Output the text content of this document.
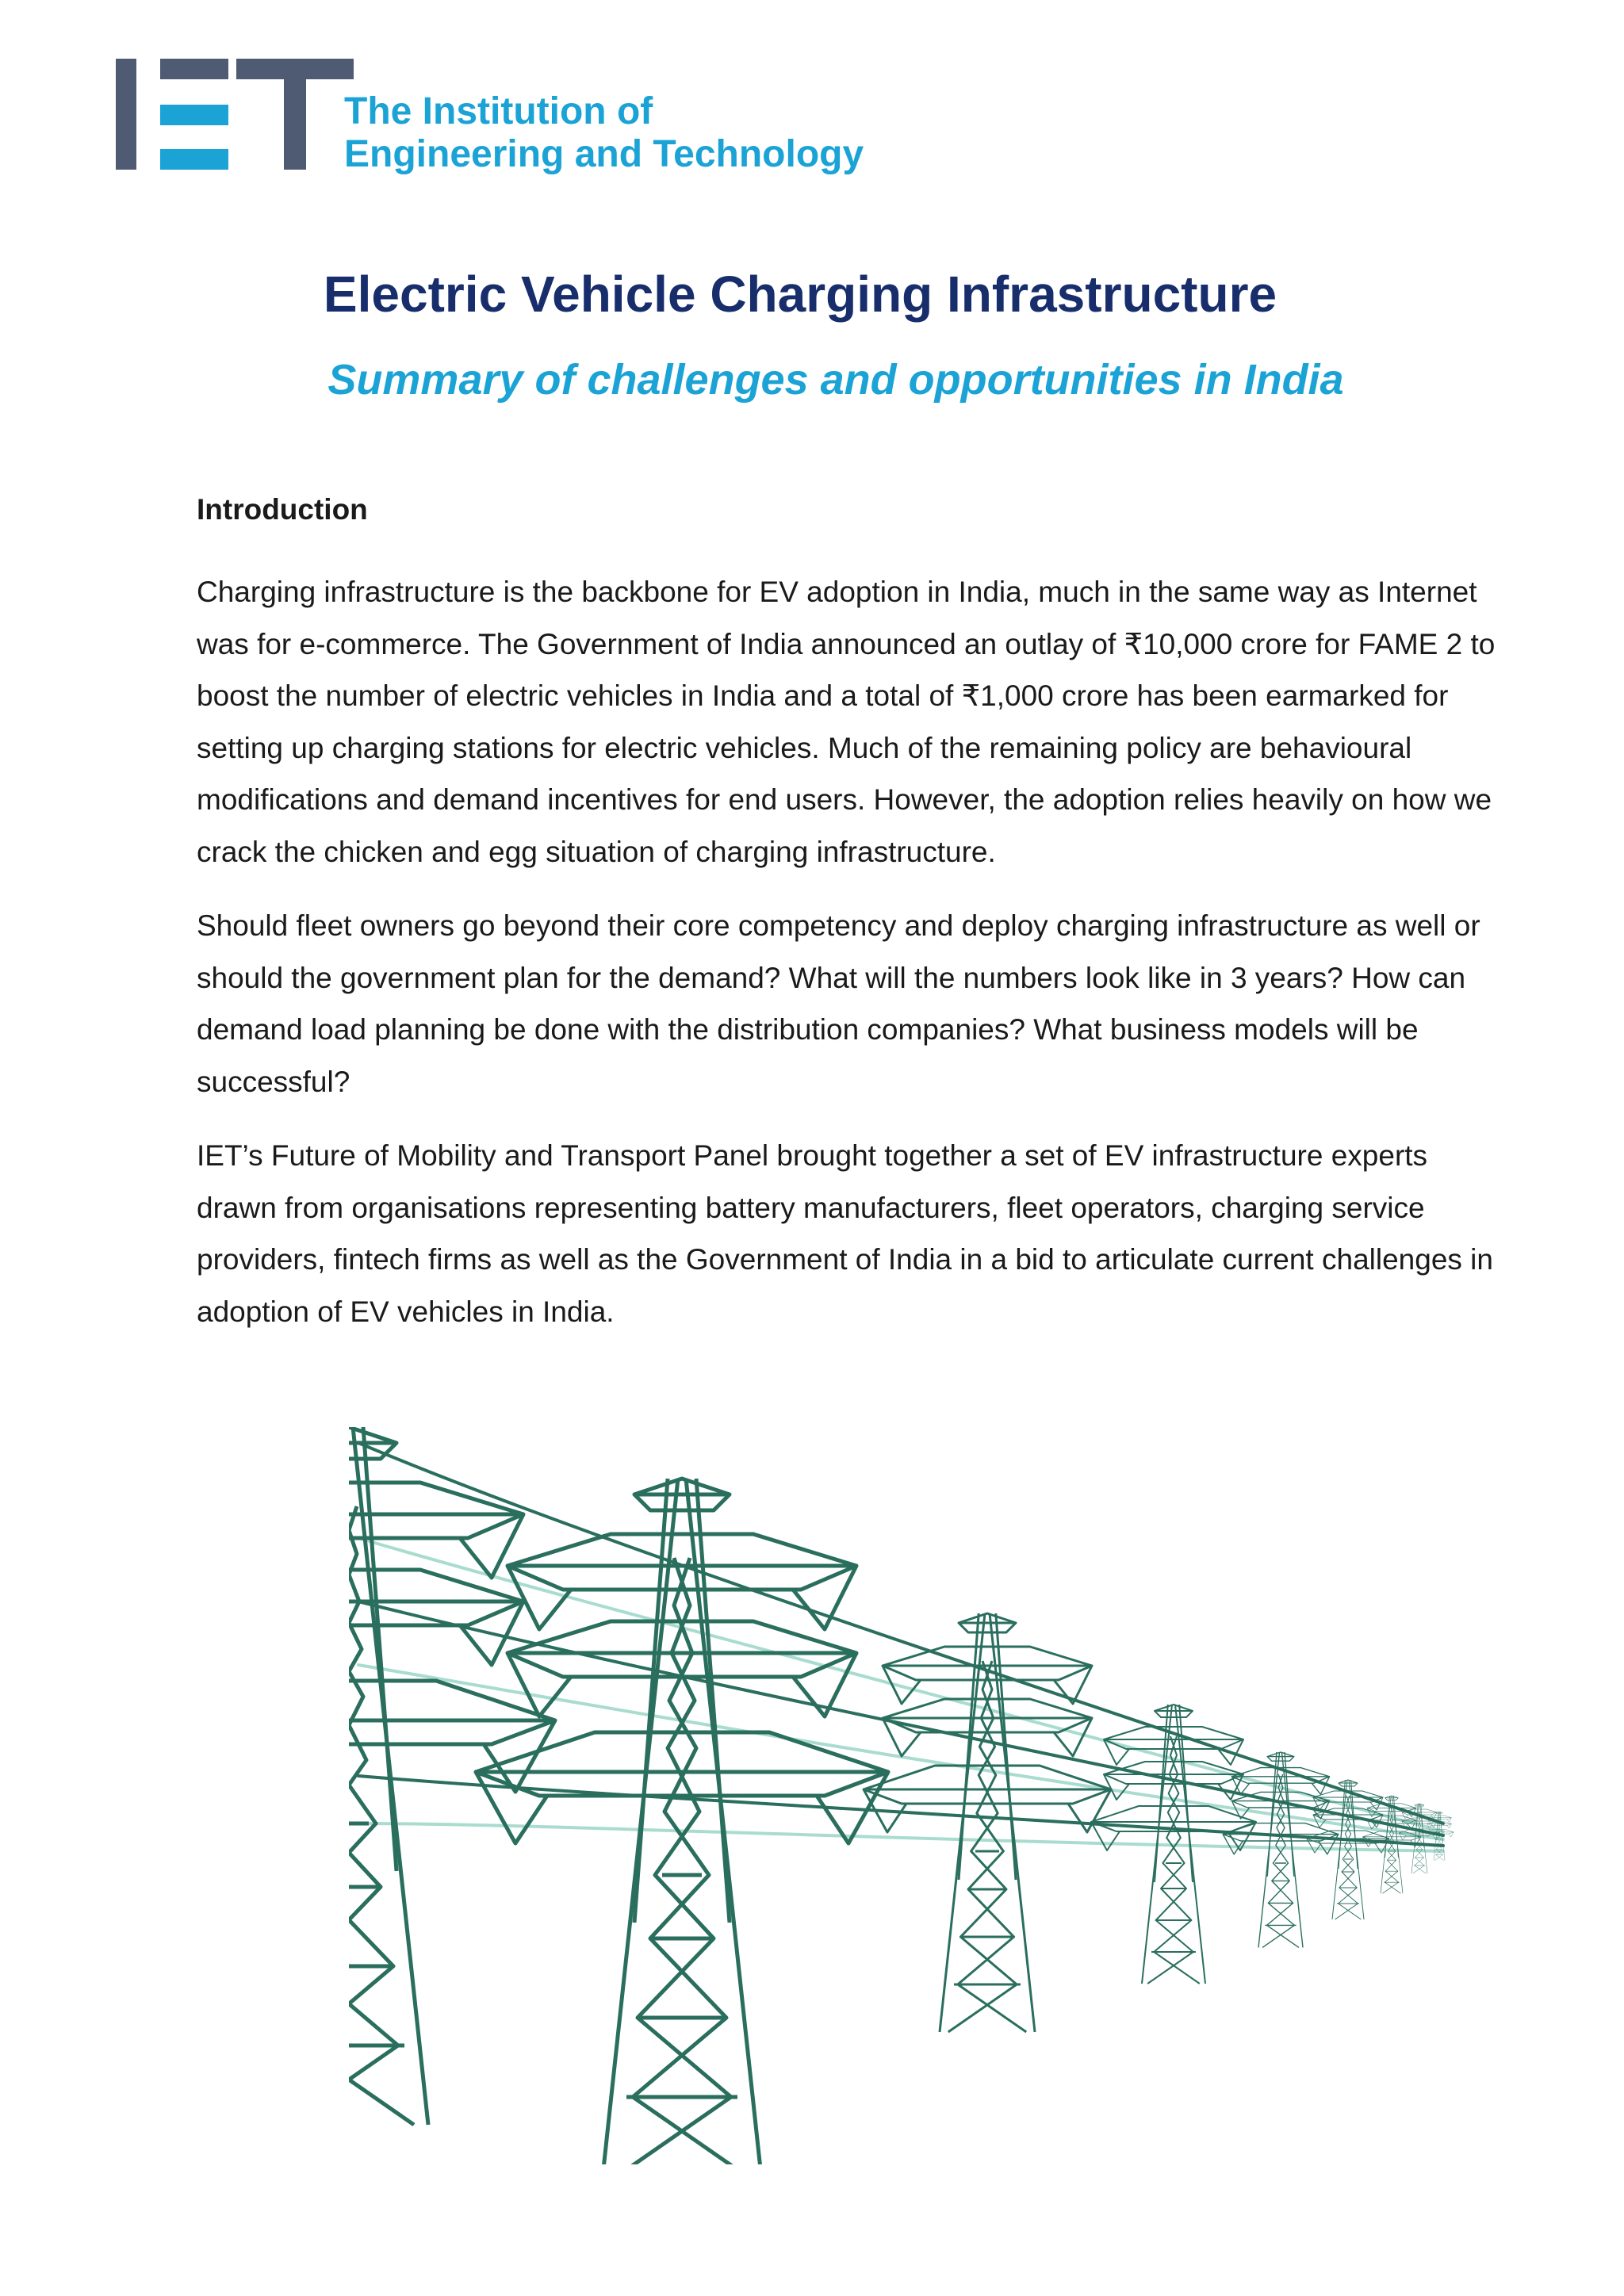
The Institution of
Engineering and Technology
Electric Vehicle Charging Infrastructure
Summary of challenges and opportunities in India
Introduction

Charging infrastructure is the backbone for EV adoption in India, much in the same way as Internet was for e-commerce. The Government of India announced an outlay of ₹10,000 crore for FAME 2 to boost the number of electric vehicles in India and a total of ₹1,000 crore has been earmarked for setting up charging stations for electric vehicles. Much of the remaining policy are behavioural modifications and demand incentives for end users. However, the adoption relies heavily on how we crack the chicken and egg situation of charging infrastructure.

Should fleet owners go beyond their core competency and deploy charging infrastructure as well or should the government plan for the demand? What will the numbers look like in 3 years? How can demand load planning be done with the distribution companies? What business models will be successful?

IET’s Future of Mobility and Transport Panel brought together a set of EV infrastructure experts drawn from organisations representing battery manufacturers, fleet operators, charging service providers, fintech firms as well as the Government of India in a bid to articulate current challenges in adoption of EV vehicles in India.
